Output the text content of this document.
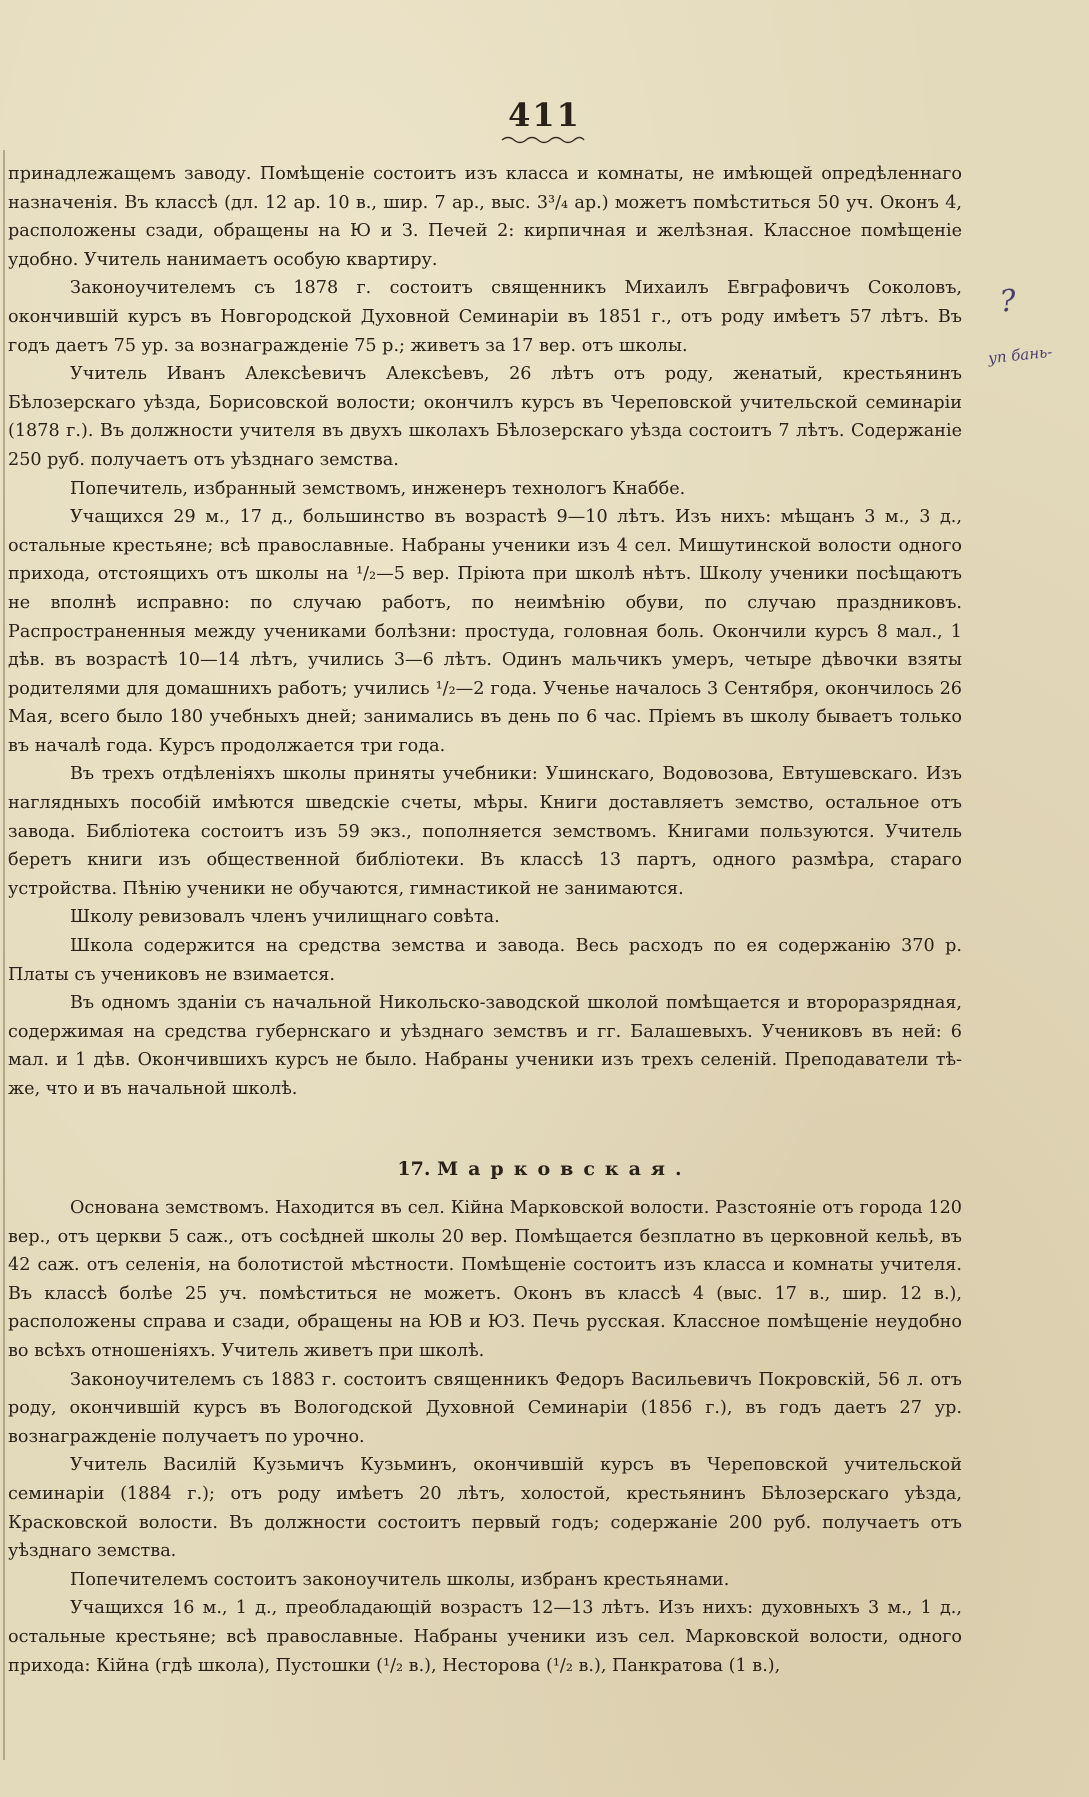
411

принадлежащемъ заводу. Помѣщеніе состоитъ изъ класса и комнаты, не имѣющей опредѣленнаго назначенія. Въ классѣ (дл. 12 ар. 10 в., шир. 7 ар., выс. 3³/₄ ар.) можетъ помѣститься 50 уч. Оконъ 4, расположены сзади, обращены на Ю и З. Печей 2: кирпичная и желѣзная. Классное помѣщеніе удобно. Учитель нанимаетъ особую квартиру.

Законоучителемъ съ 1878 г. состоитъ священникъ Михаилъ Евграфовичъ Соколовъ, окончившій курсъ въ Новгородской Духовной Семинаріи въ 1851 г., отъ роду имѣетъ 57 лѣтъ. Въ годъ даетъ 75 ур. за вознагражденіе 75 р.; живетъ за 17 вер. отъ школы.

Учитель Иванъ Алексѣевичъ Алексѣевъ, 26 лѣтъ отъ роду, женатый, крестьянинъ Бѣлозерскаго уѣзда, Борисовской волости; окончилъ курсъ въ Череповской учительской семинаріи (1878 г.). Въ должности учителя въ двухъ школахъ Бѣлозерскаго уѣзда состоитъ 7 лѣтъ. Содержаніе 250 руб. получаетъ отъ уѣзднаго земства.

Попечитель, избранный земствомъ, инженеръ технологъ Кнаббе.

Учащихся 29 м., 17 д., большинство въ возрастѣ 9—10 лѣтъ. Изъ нихъ: мѣщанъ 3 м., 3 д., остальные крестьяне; всѣ православные. Набраны ученики изъ 4 сел. Мишутинской волости одного прихода, отстоящихъ отъ школы на ¹/₂—5 вер. Пріюта при школѣ нѣтъ. Школу ученики посѣщаютъ не вполнѣ исправно: по случаю работъ, по неимѣнію обуви, по случаю праздниковъ. Распространенныя между учениками болѣзни: простуда, головная боль. Окончили курсъ 8 мал., 1 дѣв. въ возрастѣ 10—14 лѣтъ, учились 3—6 лѣтъ. Одинъ мальчикъ умеръ, четыре дѣвочки взяты родителями для домашнихъ работъ; учились ¹/₂—2 года. Ученье началось 3 Сентября, окончилось 26 Мая, всего было 180 учебныхъ дней; занимались въ день по 6 час. Пріемъ въ школу бываетъ только въ началѣ года. Курсъ продолжается три года.

Въ трехъ отдѣленіяхъ школы приняты учебники: Ушинскаго, Водовозова, Евтушевскаго. Изъ наглядныхъ пособій имѣются шведскіе счеты, мѣры. Книги доставляетъ земство, остальное отъ завода. Библіотека состоитъ изъ 59 экз., пополняется земствомъ. Книгами пользуются. Учитель беретъ книги изъ общественной библіотеки. Въ классѣ 13 партъ, одного размѣра, стараго устройства. Пѣнію ученики не обучаются, гимнастикой не занимаются.

Школу ревизовалъ членъ училищнаго совѣта.

Школа содержится на средства земства и завода. Весь расходъ по ея содержанію 370 р. Платы съ учениковъ не взимается.

Въ одномъ зданіи съ начальной Никольско-заводской школой помѣщается и второразрядная, содержимая на средства губернскаго и уѣзднаго земствъ и гг. Балашевыхъ. Учениковъ въ ней: 6 мал. и 1 дѣв. Окончившихъ курсъ не было. Набраны ученики изъ трехъ селеній. Преподаватели тѣ-же, что и въ начальной школѣ.

17. Марковская.

Основана земствомъ. Находится въ сел. Кійна Марковской волости. Разстояніе отъ города 120 вер., отъ церкви 5 саж., отъ сосѣдней школы 20 вер. Помѣщается безплатно въ церковной кельѣ, въ 42 саж. отъ селенія, на болотистой мѣстности. Помѣщеніе состоитъ изъ класса и комнаты учителя. Въ классѣ болѣе 25 уч. помѣститься не можетъ. Оконъ въ классѣ 4 (выс. 17 в., шир. 12 в.), расположены справа и сзади, обращены на ЮВ и ЮЗ. Печь русская. Классное помѣщеніе неудобно во всѣхъ отношеніяхъ. Учитель живетъ при школѣ.

Законоучителемъ съ 1883 г. состоитъ священникъ Федоръ Васильевичъ Покровскій, 56 л. отъ роду, окончившій курсъ въ Вологодской Духовной Семинаріи (1856 г.), въ годъ даетъ 27 ур. вознагражденіе получаетъ по урочно.

Учитель Василій Кузьмичъ Кузьминъ, окончившій курсъ въ Череповской учительской семинаріи (1884 г.); отъ роду имѣетъ 20 лѣтъ, холостой, крестьянинъ Бѣлозерскаго уѣзда, Красковской волости. Въ должности состоитъ первый годъ; содержаніе 200 руб. получаетъ отъ уѣзднаго земства.

Попечителемъ состоитъ законоучитель школы, избранъ крестьянами.

Учащихся 16 м., 1 д., преобладающій возрастъ 12—13 лѣтъ. Изъ нихъ: духовныхъ 3 м., 1 д., остальные крестьяне; всѣ православные. Набраны ученики изъ сел. Марковской волости, одного прихода: Кійна (гдѣ школа), Пустошки (¹/₂ в.), Несторова (¹/₂ в.), Панкратова (1 в.),

?
уп бань-
